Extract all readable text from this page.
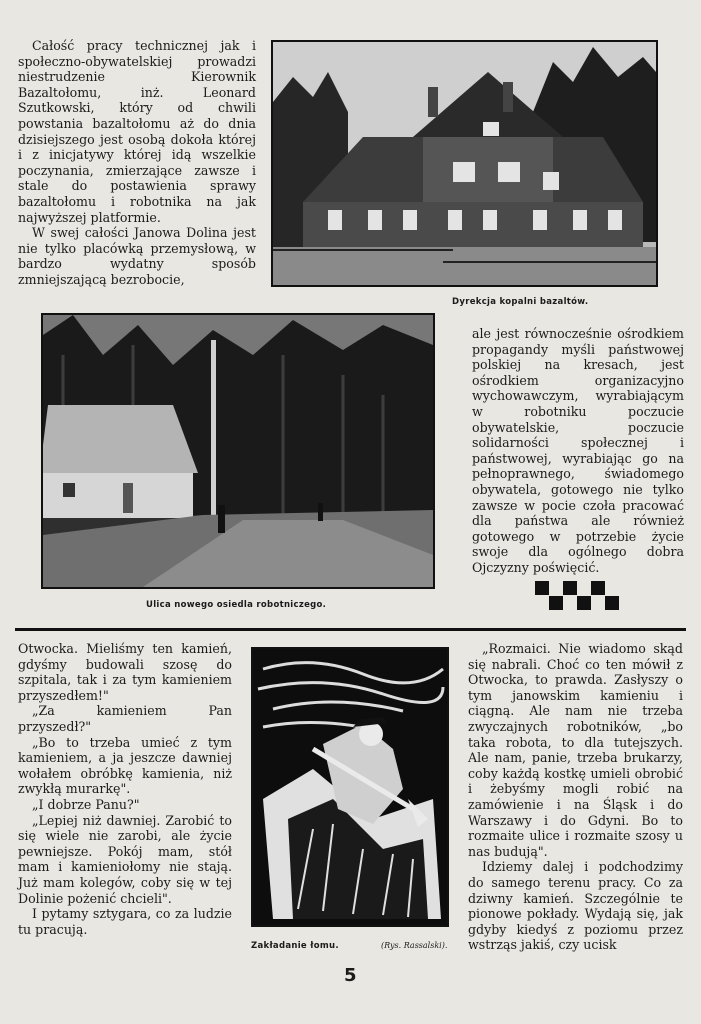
Całość pracy technicznej jak i społeczno-obywatelskiej prowadzi niestrudzenie Kierownik Bazaltołomu, inż. Leonard Szutkowski, który od chwili powstania bazaltołomu aż do dnia dzisiejszego jest osobą dokoła której i z inicjatywy której idą wszelkie poczynania, zmierzające zawsze i stale do postawienia sprawy bazaltołomu i robotnika na jak najwyższej platformie.

W swej całości Janowa Dolina jest nie tylko placówką przemysłową, w bardzo wydatny sposób zmniejszającą bezrobocie,

Dyrekcja kopalni bazaltów.
Ulica nowego osiedla robotniczego.

ale jest równocześnie ośrodkiem propagandy myśli państwowej polskiej na kresach, jest ośrodkiem organizacyjno wychowawczym, wyrabiającym w robotniku poczucie obywatelskie, poczucie solidarności społecznej i państwowej, wyrabiając go na pełnoprawnego, świadomego obywatela, gotowego nie tylko zawsze w pocie czoła pracować dla państwa ale również gotowego w potrzebie życie swoje dla ogólnego dobra Ojczyzny poświęcić.

Otwocka. Mieliśmy ten kamień, gdyśmy budowali szosę do szpitala, tak i za tym kamieniem przyszedłem!"

„Za kamieniem Pan przyszedł?"

„Bo to trzeba umieć z tym kamieniem, a ja jeszcze dawniej wołałem obróbkę kamienia, niż zwykłą murarkę".

„I dobrze Panu?"

„Lepiej niż dawniej. Zarobić to się wiele nie zarobi, ale życie pewniejsze. Pokój mam, stół mam i kamieniołomy nie stają. Już mam kolegów, coby się w tej Dolinie pożenić chcieli".

I pytamy sztygara, co za ludzie tu pracują.

Zakładanie łomu.	(Rys. Rassalski).

„Rozmaici. Nie wiadomo skąd się nabrali. Choć co ten mówił z Otwocka, to prawda. Zasłyszy o tym janowskim kamieniu i ciągną. Ale nam nie trzeba zwyczajnych robotników, „bo taka robota, to dla tutejszych. Ale nam, panie, trzeba brukarzy, coby każdą kostkę umieli obrobić i żebyśmy mogli robić na zamówienie i na Śląsk i do Warszawy i do Gdyni. Bo to rozmaite ulice i rozmaite szosy u nas budują".

Idziemy dalej i podchodzimy do samego terenu pracy. Co za dziwny kamień. Szczególnie te pionowe pokłady. Wydają się, jak gdyby kiedyś z poziomu przez wstrząs jakiś, czy ucisk

5
